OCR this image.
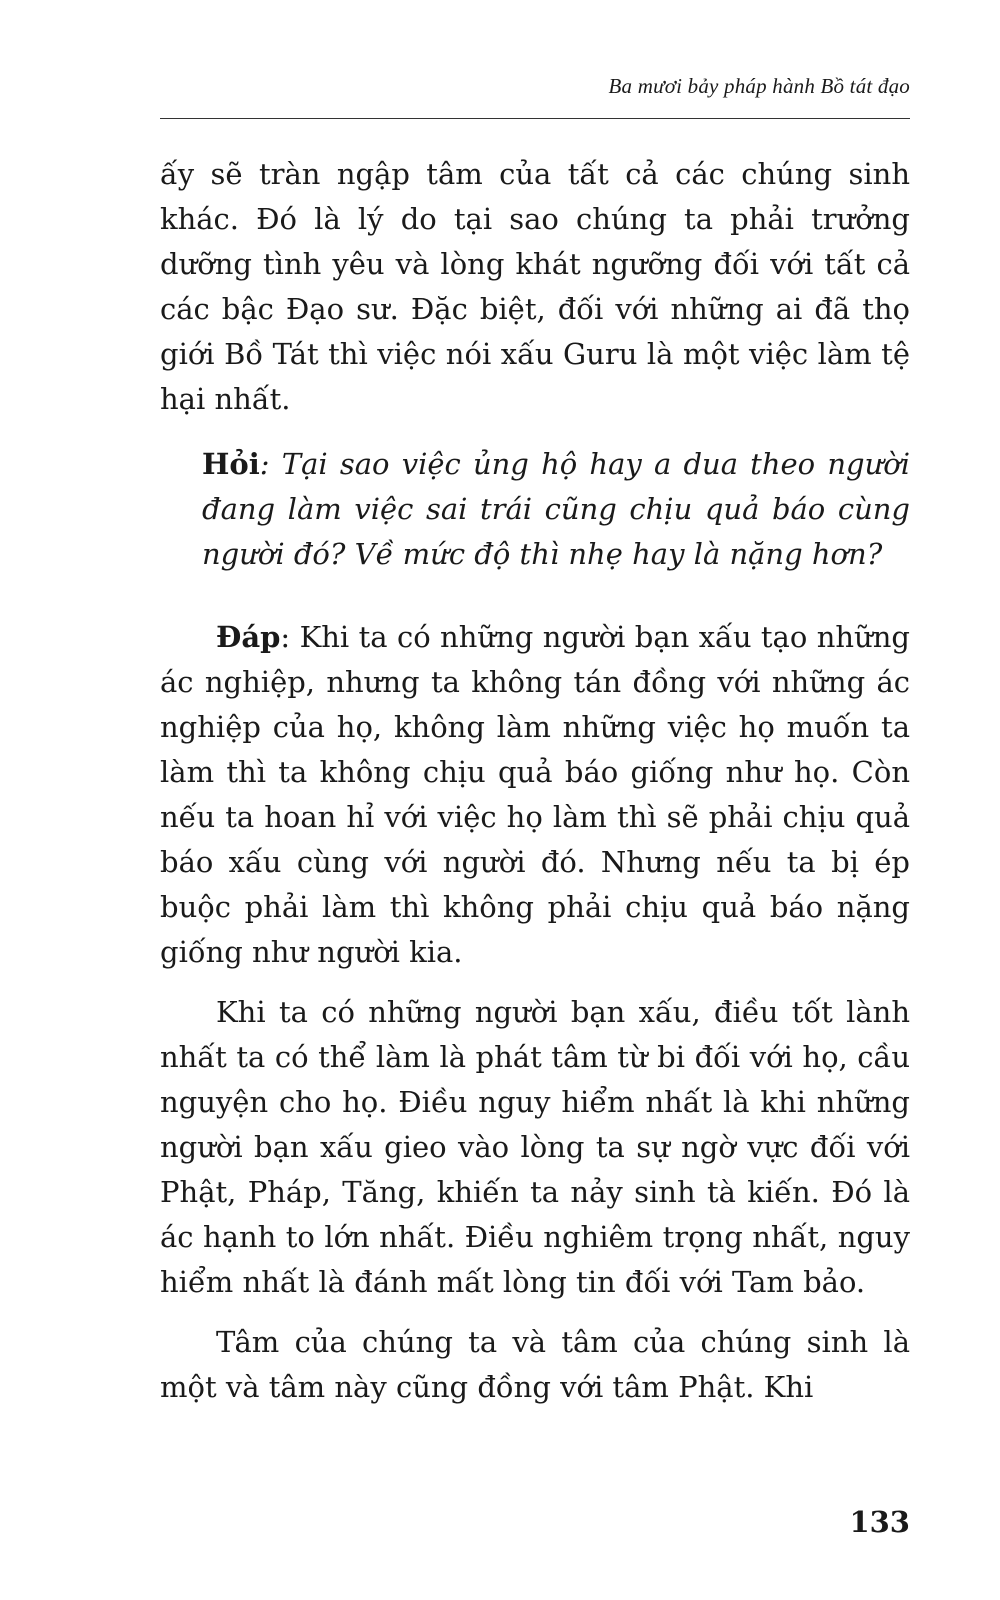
Ba mươi bảy pháp hành Bồ tát đạo

ấy sẽ tràn ngập tâm của tất cả các chúng sinh khác. Đó là lý do tại sao chúng ta phải trưởng dưỡng tình yêu và lòng khát ngưỡng đối với tất cả các bậc Đạo sư. Đặc biệt, đối với những ai đã thọ giới Bồ Tát thì việc nói xấu Guru là một việc làm tệ hại nhất.

Hỏi: Tại sao việc ủng hộ hay a dua theo người đang làm việc sai trái cũng chịu quả báo cùng người đó? Về mức độ thì nhẹ hay là nặng hơn?

Đáp: Khi ta có những người bạn xấu tạo những ác nghiệp, nhưng ta không tán đồng với những ác nghiệp của họ, không làm những việc họ muốn ta làm thì ta không chịu quả báo giống như họ. Còn nếu ta hoan hỉ với việc họ làm thì sẽ phải chịu quả báo xấu cùng với người đó. Nhưng nếu ta bị ép buộc phải làm thì không phải chịu quả báo nặng giống như người kia.

Khi ta có những người bạn xấu, điều tốt lành nhất ta có thể làm là phát tâm từ bi đối với họ, cầu nguyện cho họ. Điều nguy hiểm nhất là khi những người bạn xấu gieo vào lòng ta sự ngờ vực đối với Phật, Pháp, Tăng, khiến ta nảy sinh tà kiến. Đó là ác hạnh to lớn nhất. Điều nghiêm trọng nhất, nguy hiểm nhất là đánh mất lòng tin đối với Tam bảo.

Tâm của chúng ta và tâm của chúng sinh là một và tâm này cũng đồng với tâm Phật. Khi

133
